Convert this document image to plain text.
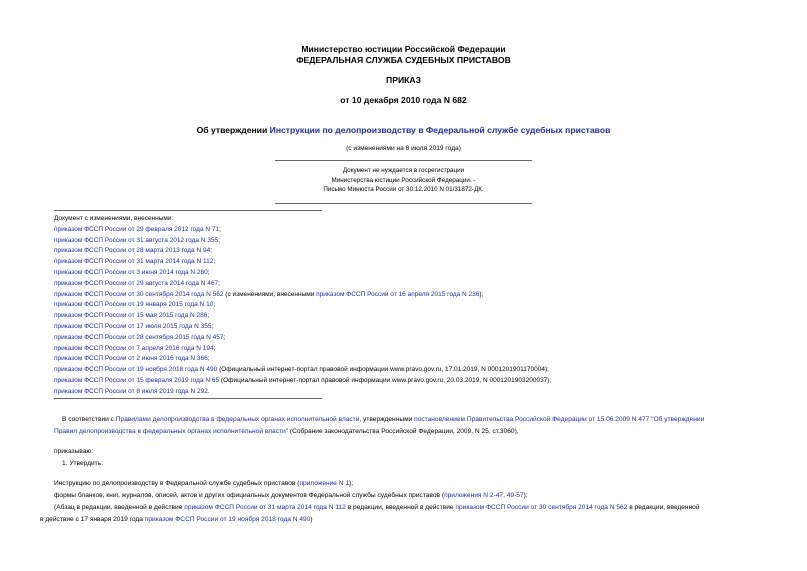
Министерство юстиции Российской Федерации
ФЕДЕРАЛЬНАЯ СЛУЖБА СУДЕБНЫХ ПРИСТАВОВ
ПРИКАЗ
от 10 декабря 2010 года N 682
Об утверждении Инструкции по делопроизводству в Федеральной службе судебных приставов
(с изменениями на 8 июля 2019 года)
Документ не нуждается в госрегистрации
Министерства юстиции Российской Федерации. -
Письмо Минюста России от 30.12.2010 N 01/31872-ДК.
Документ с изменениями, внесенными:
приказом ФССП России от 29 февраля 2012 года N 71;
приказом ФССП России от 31 августа 2012 года N 355;
приказом ФССП России от 28 марта 2013 года N 94;
приказом ФССП России от 31 марта 2014 года N 112;
приказом ФССП России от 3 июня 2014 года N 280;
приказом ФССП России от 29 августа 2014 года N 467;
приказом ФССП России от 30 сентября 2014 года N 562 (с изменениями, внесенными приказом ФССП России от 16 апреля 2015 года N 236);
приказом ФССП России от 19 января 2015 года N 10;
приказом ФССП России от 15 мая 2015 года N 286;
приказом ФССП России от 17 июля 2015 года N 355;
приказом ФССП России от 28 сентября 2015 года N 457;
приказом ФССП России от 7 апреля 2016 года N 194;
приказом ФССП России от 2 июня 2016 года N 366;
приказом ФССП России от 19 ноября 2018 года N 490 (Официальный интернет-портал правовой информации www.pravo.gov.ru, 17.01.2019, N 0001201901170004);
приказом ФССП России от 15 февраля 2019 года N 65 (Официальный интернет-портал правовой информации www.pravo.gov.ru, 20.03.2019, N 0001201903200037);
приказом ФССП России от 8 июля 2019 года N 292.
В соответствии с Правилами делопроизводства в федеральных органах исполнительной власти, утвержденными постановлением Правительства Российской Федерации от 15.06.2009 N 477 "Об утверждении
Правил делопроизводства в федеральных органах исполнительной власти" (Собрание законодательства Российской Федерации, 2009, N 25, ст.3060),
приказываю:
1. Утвердить:
Инструкцию по делопроизводству в Федеральной службе судебных приставов (приложение N 1);
формы бланков, книг, журналов, описей, актов и других официальных документов Федеральной службы судебных приставов (приложения N 2-47, 49-57);
(Абзац в редакции, введенной в действие приказом ФССП России от 31 марта 2014 года N 112 в редакции, введенной в действие приказом ФССП России от 30 сентября 2014 года N 562 в редакции, введенной
в действие с 17 января 2019 года приказом ФССП России от 19 ноября 2018 года N 490)
